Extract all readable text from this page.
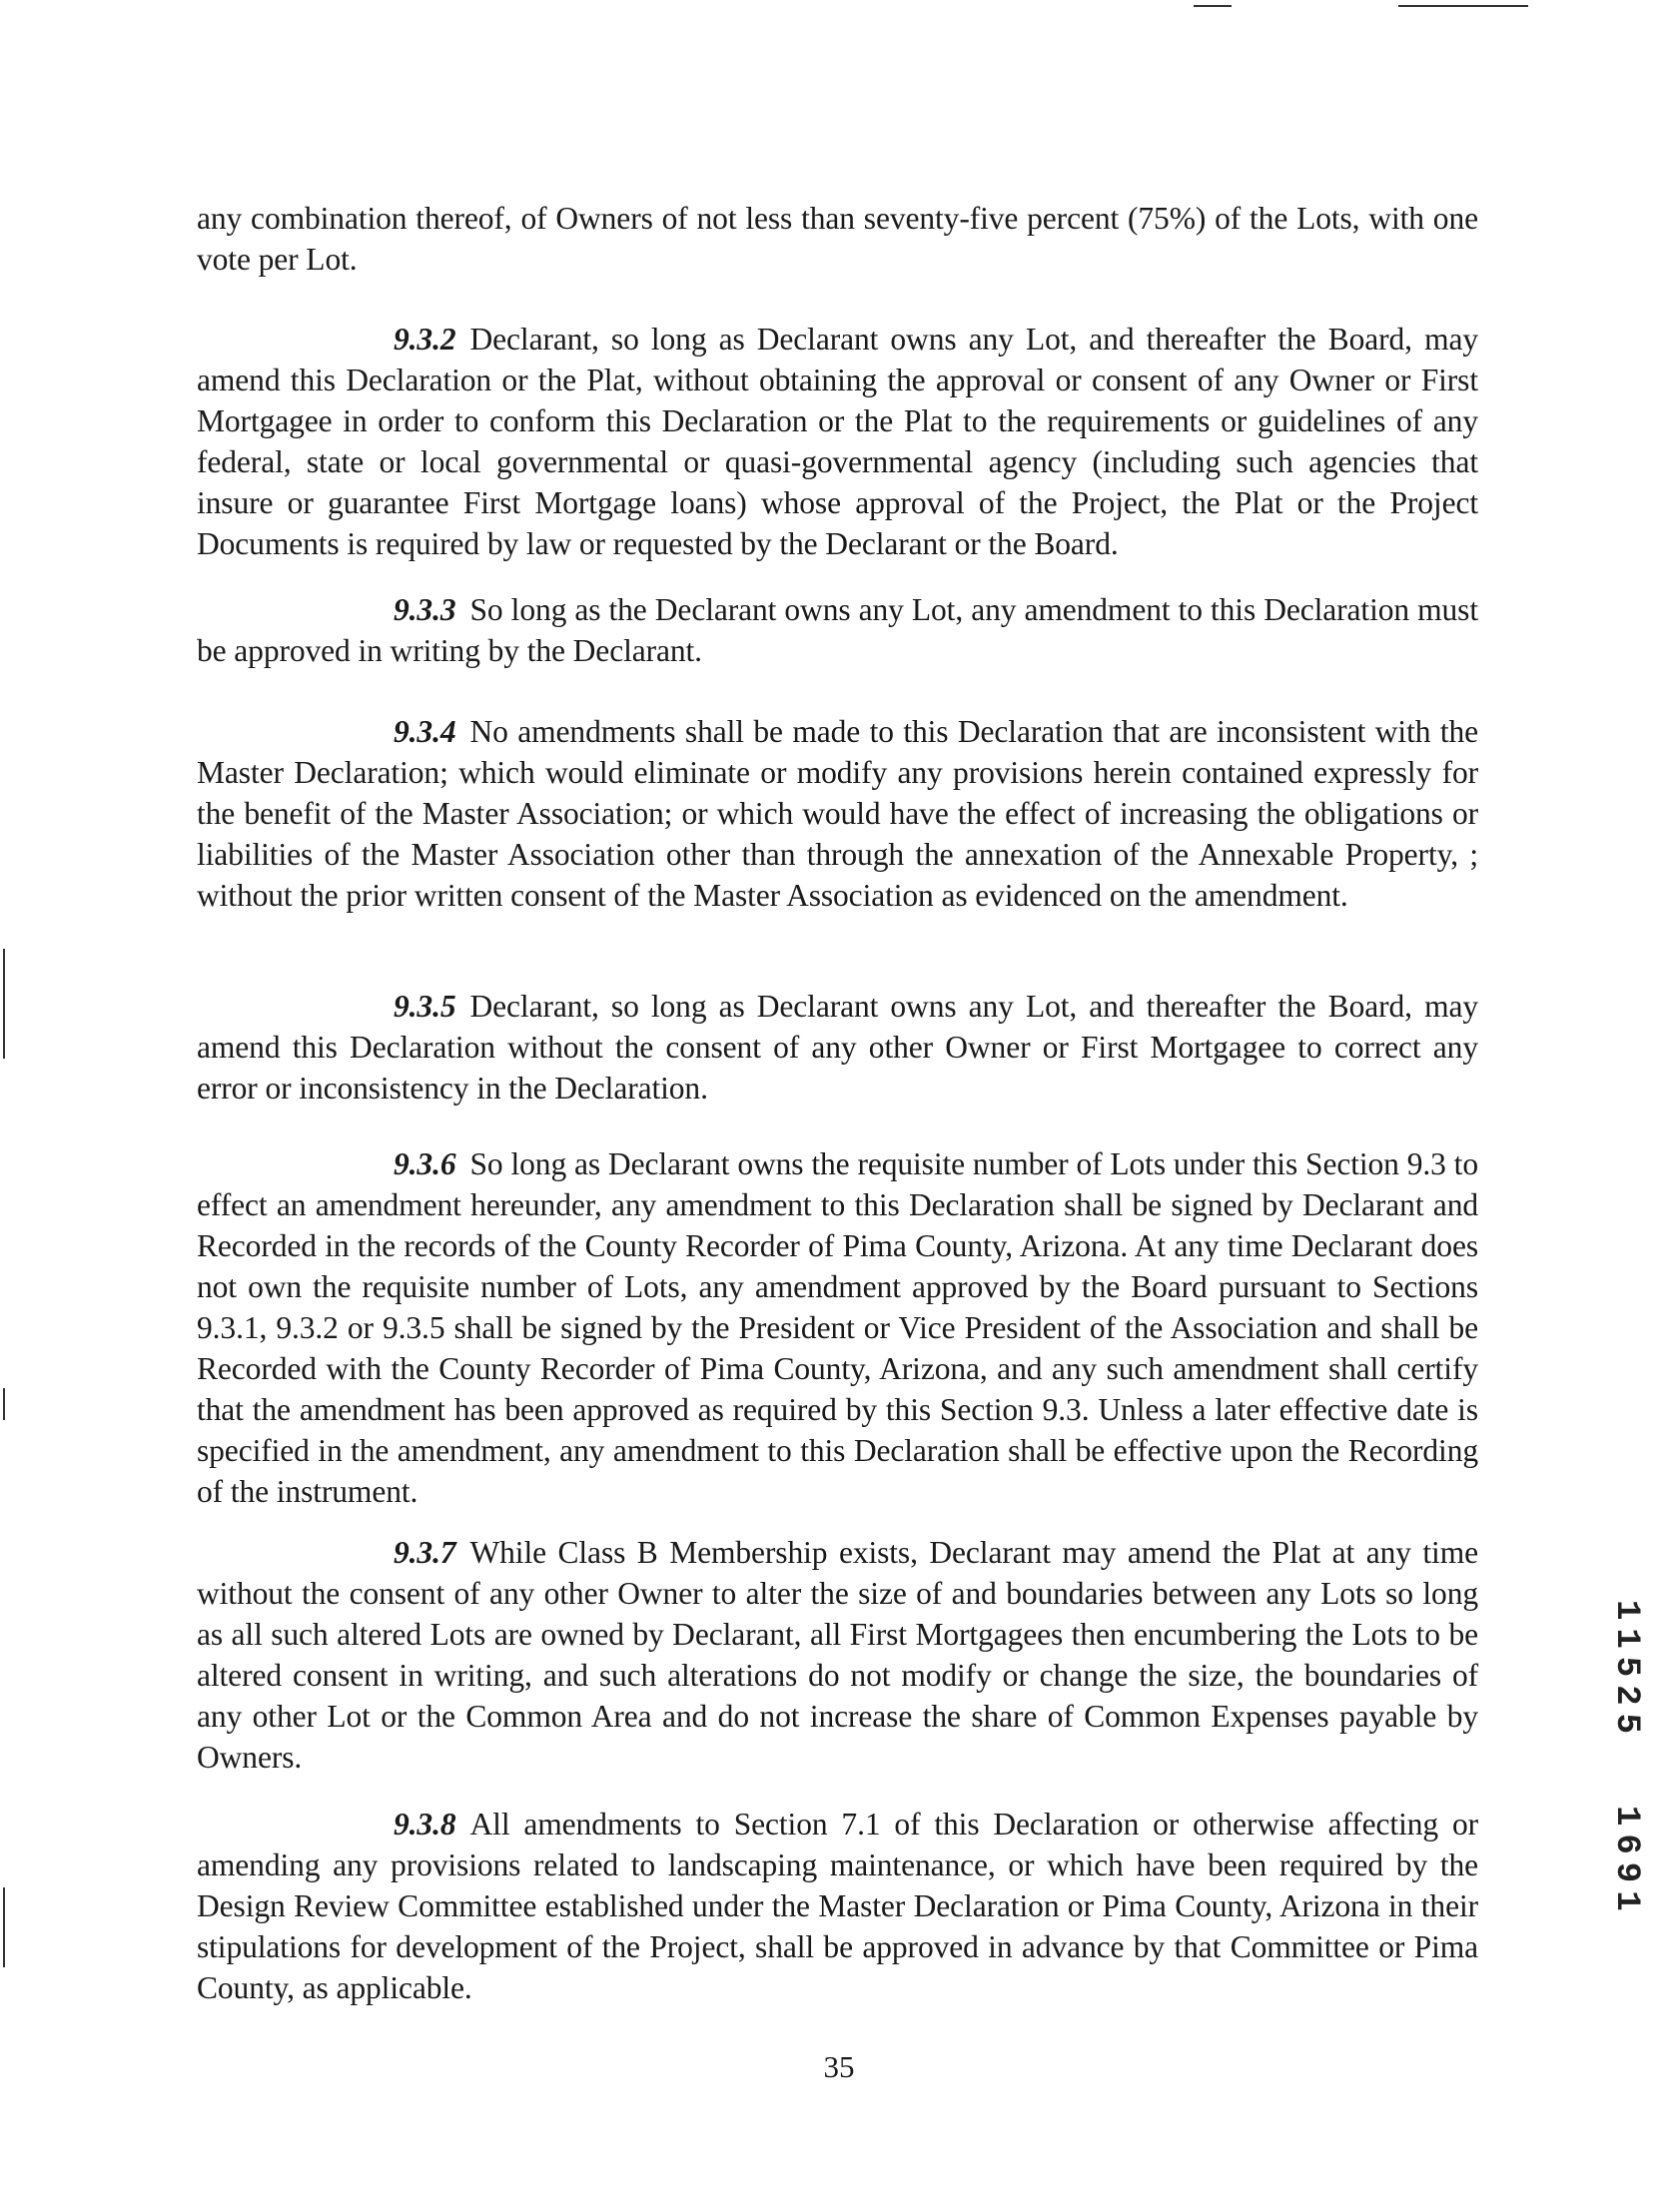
any combination thereof, of Owners of not less than seventy-five percent (75%) of the Lots, with one vote per Lot.
9.3.2 Declarant, so long as Declarant owns any Lot, and thereafter the Board, may amend this Declaration or the Plat, without obtaining the approval or consent of any Owner or First Mortgagee in order to conform this Declaration or the Plat to the requirements or guidelines of any federal, state or local governmental or quasi-governmental agency (including such agencies that insure or guarantee First Mortgage loans) whose approval of the Project, the Plat or the Project Documents is required by law or requested by the Declarant or the Board.
9.3.3 So long as the Declarant owns any Lot, any amendment to this Declaration must be approved in writing by the Declarant.
9.3.4 No amendments shall be made to this Declaration that are inconsistent with the Master Declaration; which would eliminate or modify any provisions herein contained expressly for the benefit of the Master Association; or which would have the effect of increasing the obligations or liabilities of the Master Association other than through the annexation of the Annexable Property, ; without the prior written consent of the Master Association as evidenced on the amendment.
9.3.5 Declarant, so long as Declarant owns any Lot, and thereafter the Board, may amend this Declaration without the consent of any other Owner or First Mortgagee to correct any error or inconsistency in the Declaration.
9.3.6 So long as Declarant owns the requisite number of Lots under this Section 9.3 to effect an amendment hereunder, any amendment to this Declaration shall be signed by Declarant and Recorded in the records of the County Recorder of Pima County, Arizona. At any time Declarant does not own the requisite number of Lots, any amendment approved by the Board pursuant to Sections 9.3.1, 9.3.2 or 9.3.5 shall be signed by the President or Vice President of the Association and shall be Recorded with the County Recorder of Pima County, Arizona, and any such amendment shall certify that the amendment has been approved as required by this Section 9.3. Unless a later effective date is specified in the amendment, any amendment to this Declaration shall be effective upon the Recording of the instrument.
9.3.7 While Class B Membership exists, Declarant may amend the Plat at any time without the consent of any other Owner to alter the size of and boundaries between any Lots so long as all such altered Lots are owned by Declarant, all First Mortgagees then encumbering the Lots to be altered consent in writing, and such alterations do not modify or change the size, the boundaries of any other Lot or the Common Area and do not increase the share of Common Expenses payable by Owners.
9.3.8 All amendments to Section 7.1 of this Declaration or otherwise affecting or amending any provisions related to landscaping maintenance, or which have been required by the Design Review Committee established under the Master Declaration or Pima County, Arizona in their stipulations for development of the Project, shall be approved in advance by that Committee or Pima County, as applicable.
35
11525
1691
